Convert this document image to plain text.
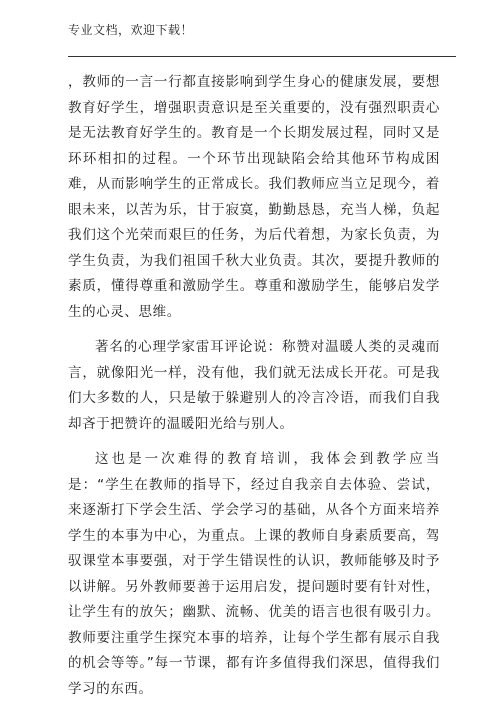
专业文档，欢迎下载！

，教师的一言一行都直接影响到学生身心的健康发展，要想教育好学生，增强职责意识是至关重要的，没有强烈职责心是无法教育好学生的。教育是一个长期发展过程，同时又是环环相扣的过程。一个环节出现缺陷会给其他环节构成困难，从而影响学生的正常成长。我们教师应当立足现今，着眼未来，以苦为乐，甘于寂寞，勤勤恳恳，充当人梯，负起我们这个光荣而艰巨的任务，为后代着想，为家长负责，为学生负责，为我们祖国千秋大业负责。其次，要提升教师的素质，懂得尊重和激励学生。尊重和激励学生，能够启发学生的心灵、思维。

著名的心理学家雷耳评论说：称赞对温暖人类的灵魂而言，就像阳光一样，没有他，我们就无法成长开花。可是我们大多数的人，只是敏于躲避别人的冷言冷语，而我们自我却吝于把赞许的温暖阳光给与别人。

这也是一次难得的教育培训，我体会到教学应当是：“学生在教师的指导下，经过自我亲自去体验、尝试，来逐渐打下学会生活、学会学习的基础，从各个方面来培养学生的本事为中心，为重点。上课的教师自身素质要高，驾驭课堂本事要强，对于学生错误性的认识，教师能够及时予以讲解。另外教师要善于运用启发，提问题时要有针对性，让学生有的放矢；幽默、流畅、优美的语言也很有吸引力。教师要注重学生探究本事的培养，让每个学生都有展示自我的机会等等。”每一节课，都有许多值得我们深思，值得我们学习的东西。
